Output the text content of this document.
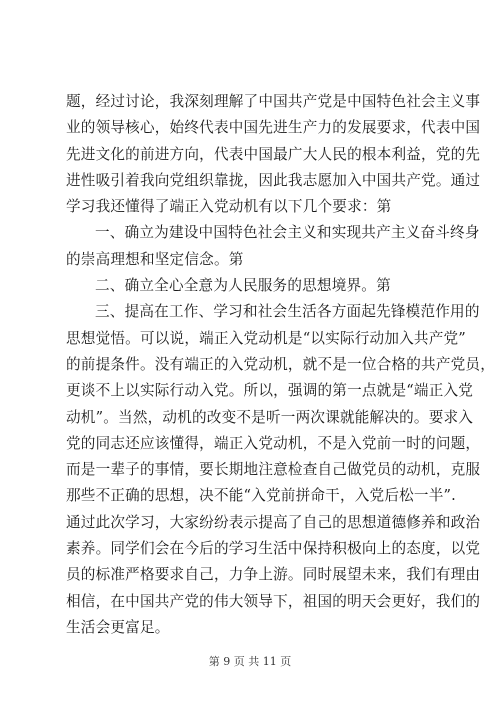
题，经过讨论，我深刻理解了中国共产党是中国特色社会主义事
业的领导核心，始终代表中国先进生产力的发展要求，代表中国
先进文化的前进方向，代表中国最广大人民的根本利益，党的先
进性吸引着我向党组织靠拢，因此我志愿加入中国共产党。通过
学习我还懂得了端正入党动机有以下几个要求：第
一、确立为建设中国特色社会主义和实现共产主义奋斗终身
的崇高理想和坚定信念。第
二、确立全心全意为人民服务的思想境界。第
三、提高在工作、学习和社会生活各方面起先锋模范作用的
思想觉悟。可以说，端正入党动机是“以实际行动加入共产党”
的前提条件。没有端正的入党动机，就不是一位合格的共产党员，
更谈不上以实际行动入党。所以，强调的第一点就是“端正入党
动机”。当然，动机的改变不是听一两次课就能解决的。要求入
党的同志还应该懂得，端正入党动机，不是入党前一时的问题，
而是一辈子的事情，要长期地注意检查自己做党员的动机，克服
那些不正确的思想，决不能“入党前拼命干，入党后松一半”.
通过此次学习，大家纷纷表示提高了自己的思想道德修养和政治
素养。同学们会在今后的学习生活中保持积极向上的态度，以党
员的标准严格要求自己，力争上游。同时展望未来，我们有理由
相信，在中国共产党的伟大领导下，祖国的明天会更好，我们的
生活会更富足。
第 9 页 共 11 页
